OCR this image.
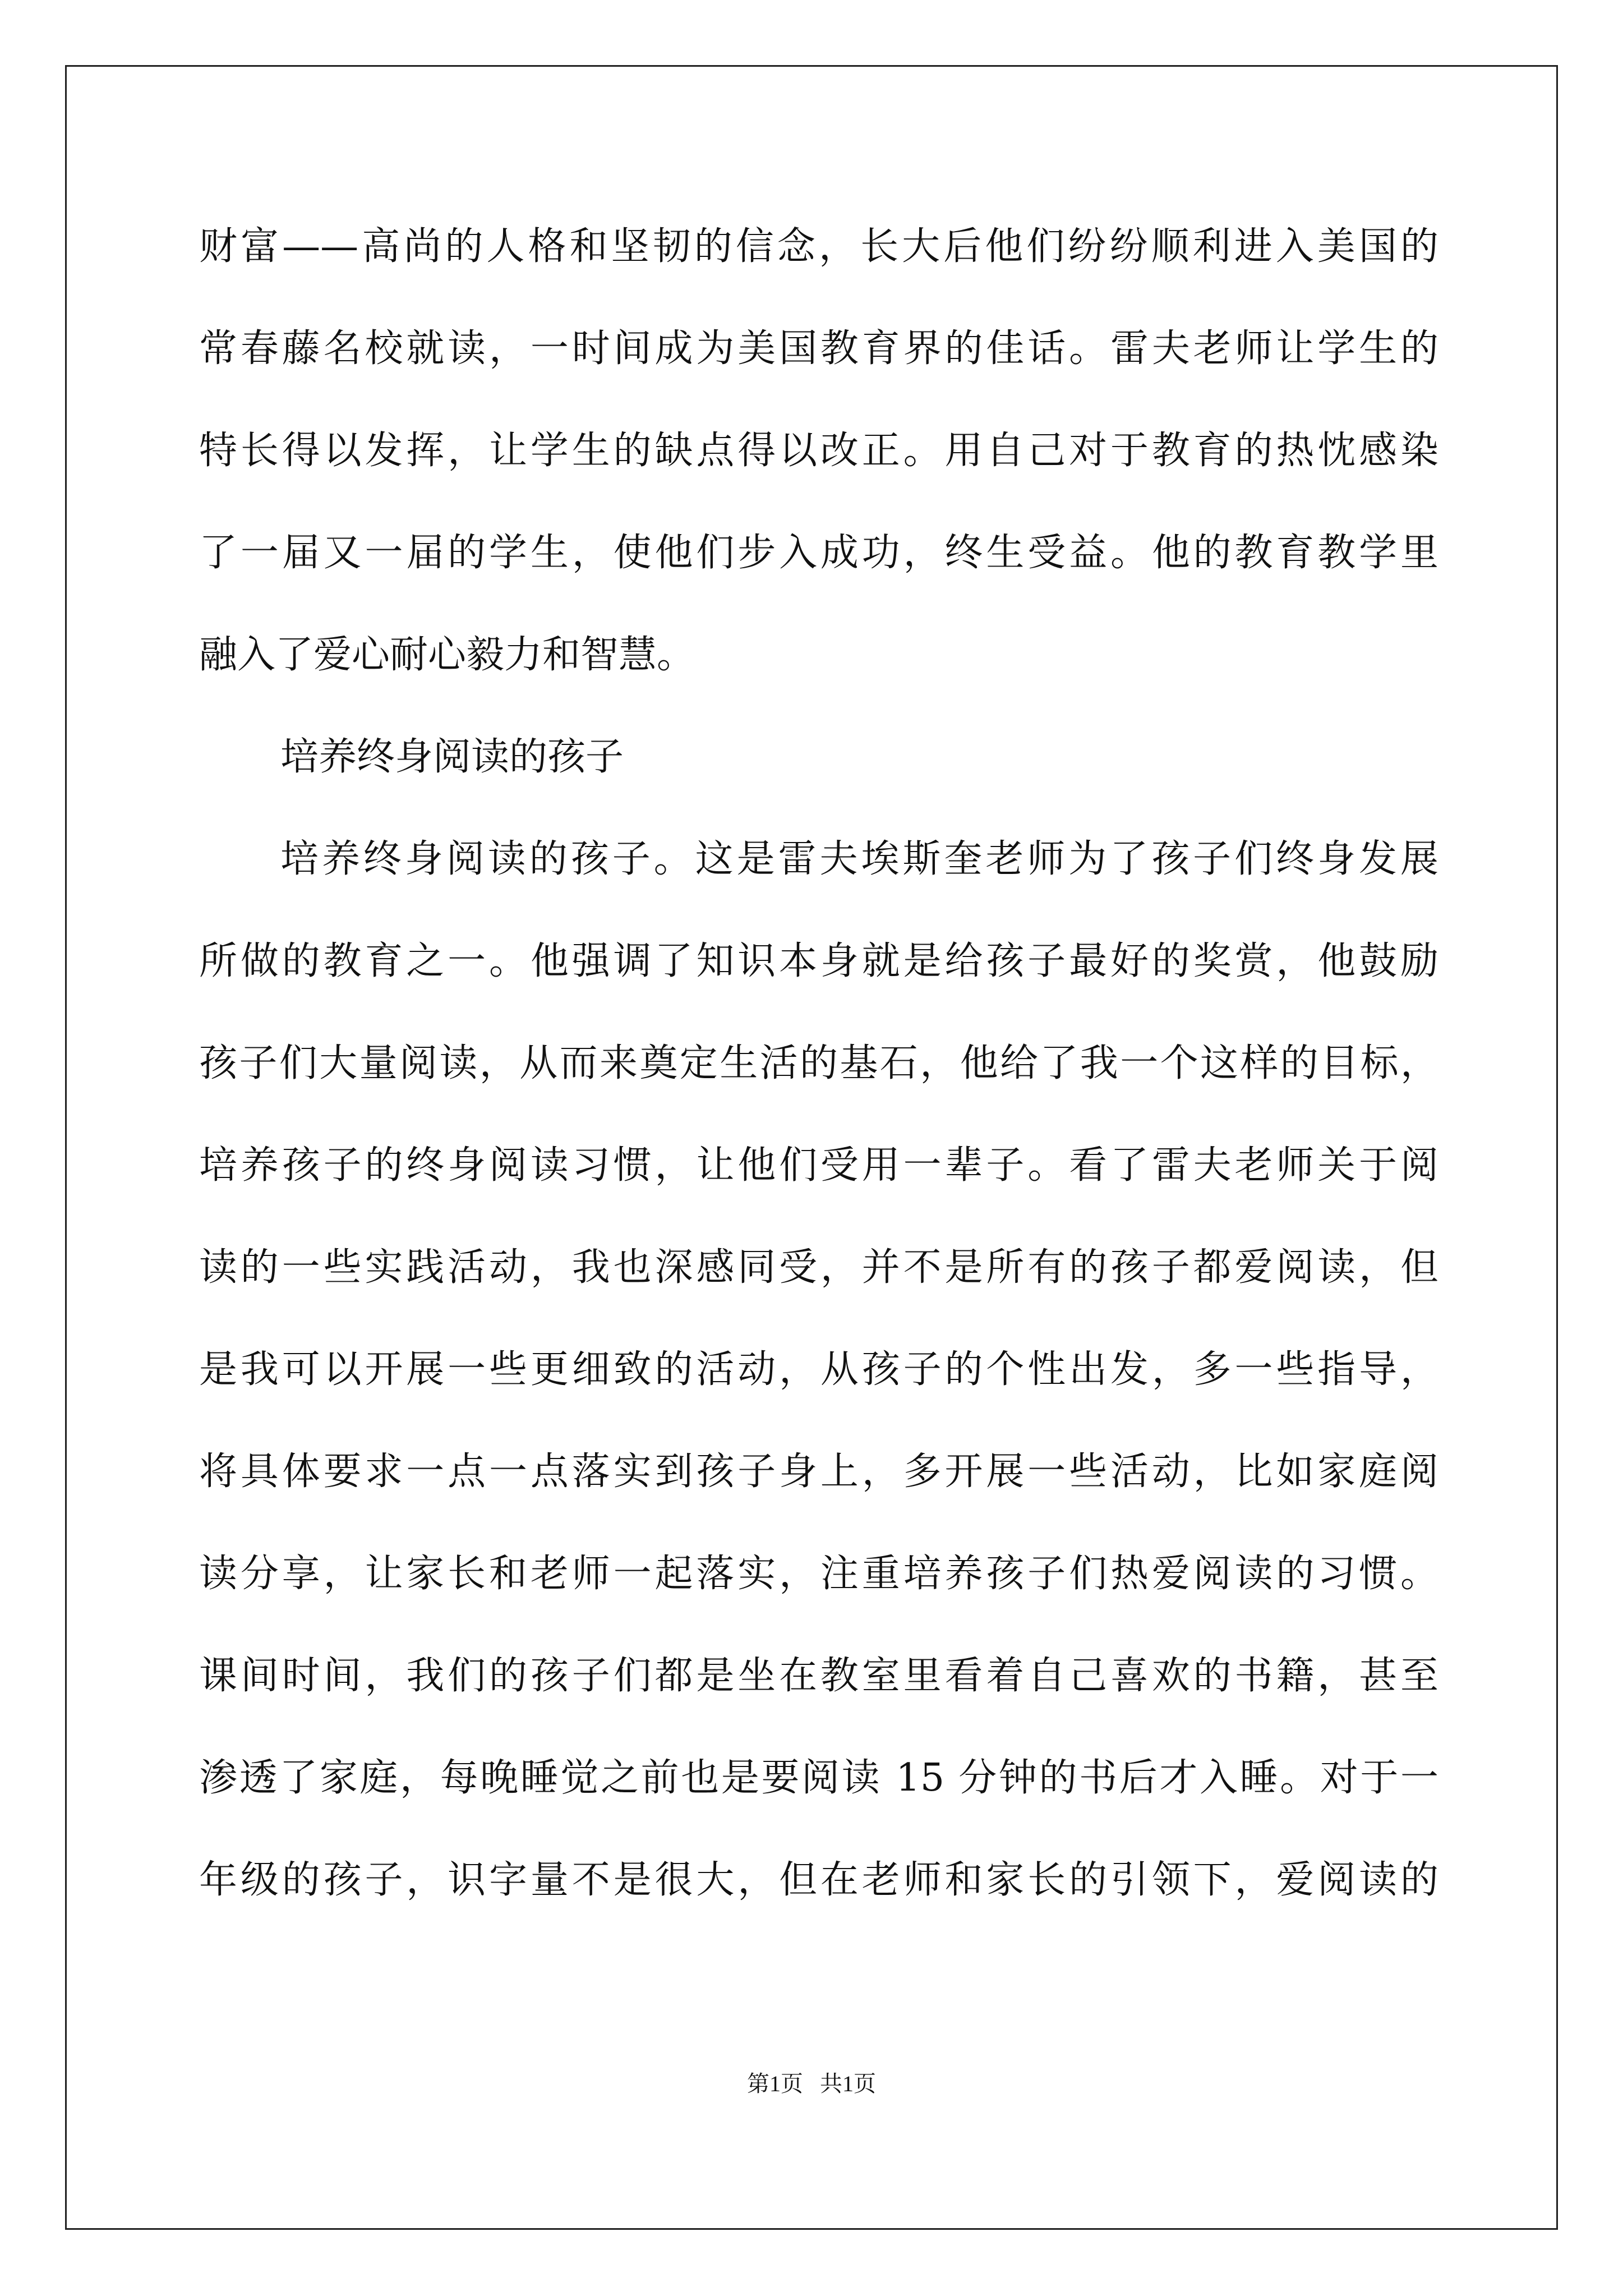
财富——高尚的人格和坚韧的信念，长大后他们纷纷顺利进入美国的
常春藤名校就读，一时间成为美国教育界的佳话。雷夫老师让学生的
特长得以发挥，让学生的缺点得以改正。用自己对于教育的热忱感染
了一届又一届的学生，使他们步入成功，终生受益。他的教育教学里
融入了爱心耐心毅力和智慧。
培养终身阅读的孩子
培养终身阅读的孩子。这是雷夫埃斯奎老师为了孩子们终身发展
所做的教育之一。他强调了知识本身就是给孩子最好的奖赏，他鼓励
孩子们大量阅读，从而来奠定生活的基石，他给了我一个这样的目标，
培养孩子的终身阅读习惯，让他们受用一辈子。看了雷夫老师关于阅
读的一些实践活动，我也深感同受，并不是所有的孩子都爱阅读，但
是我可以开展一些更细致的活动，从孩子的个性出发，多一些指导，
将具体要求一点一点落实到孩子身上，多开展一些活动，比如家庭阅
读分享，让家长和老师一起落实，注重培养孩子们热爱阅读的习惯。
课间时间，我们的孩子们都是坐在教室里看着自己喜欢的书籍，甚至
渗透了家庭，每晚睡觉之前也是要阅读 15 分钟的书后才入睡。对于一
年级的孩子，识字量不是很大，但在老师和家长的引领下，爱阅读的
第1页   共1页
